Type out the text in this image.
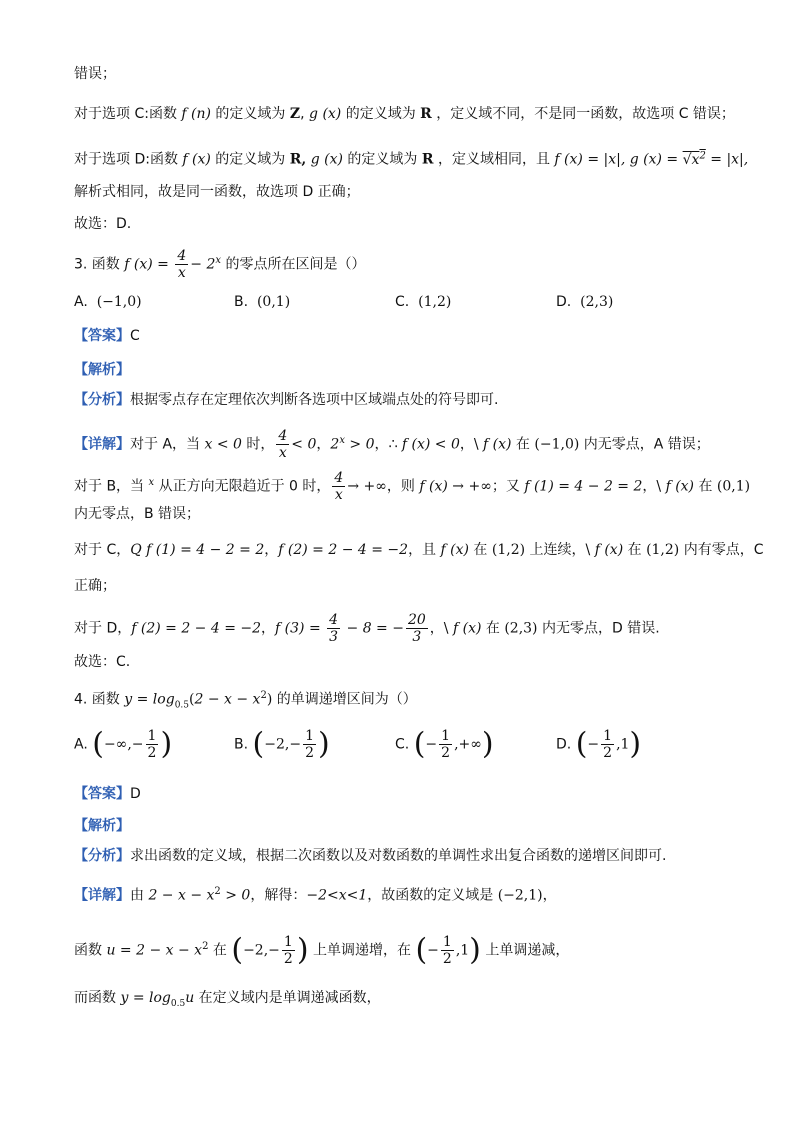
错误；
对于选项 C:函数 f (n) 的定义域为 Z, g (x) 的定义域为 R ，定义域不同，不是同一函数，故选项 C 错误；
对于选项 D:函数 f (x) 的定义域为 R, g (x) 的定义域为 R ，定义域相同，且 f (x) = |x|, g $(x) = √x^2 = |x|$,
解析式相同，故是同一函数，故选项 D 正确；
故选：D.
3. 函数 f $(x) = \frac{4}{x} - 2^x$ 的零点所在区间是（）
A. (−1,0)	B. (0,1)	C. (1,2)	D. (2,3)
【答案】C
【解析】
【分析】根据零点存在定理依次判断各选项中区域端点处的符号即可.
【详解】对于 A，当 x < 0 时， $\frac{4}{x} < 0$，$2^x > 0$，∴ f (x) < 0，\ f (x) 在 (−1,0) 内无零点，A 错误；
对于 B，当 $^x$ 从正方向无限趋近于 0 时， $\frac{4}{x}$ → +∞，则 f (x) → +∞；又 f (1) = 4 − 2 = 2，\ f (x) 在 (0,1)
内无零点，B 错误；
对于 C，Q f (1) = 4 − 2 = 2，f (2) = 2 − 4 = −2，且 f (x) 在 (1,2) 上连续，\ f (x) 在 (1,2) 内有零点，C
正确；
对于 D，f (2) = 2 − 4 = −2，f $(3) = \frac{4}{3} - 8$ = − $\frac{20}{3}$ ，\ f (x) 在 (2,3) 内无零点，D 错误.
故选：C.
4. 函数 $y = \log_{0.5}(2 - x - x^2)$ 的单调递增区间为（）
A. (−∞,− $\frac{1}{2}$ )	B. ($-2,- \frac{1}{2}$ )	C. (− $\frac{1}{2}$ ,+∞)	D. (− $\frac{1}{2} ,1$)
【答案】D
【解析】
【分析】求出函数的定义域，根据二次函数以及对数函数的单调性求出复合函数的递增区间即可.
【详解】由 $2 - x - x^2 > 0$，解得：−2<x<1，故函数的定义域是 (−2,1)，
函数 $u = 2 - x - x^2$ 在 ($-2,- \frac{1}{2}$ ) 上单调递增，在 (− $\frac{1}{2} ,1$) 上单调递减，
而函数 $y = \log_{0.5}u$ 在定义域内是单调递减函数，
